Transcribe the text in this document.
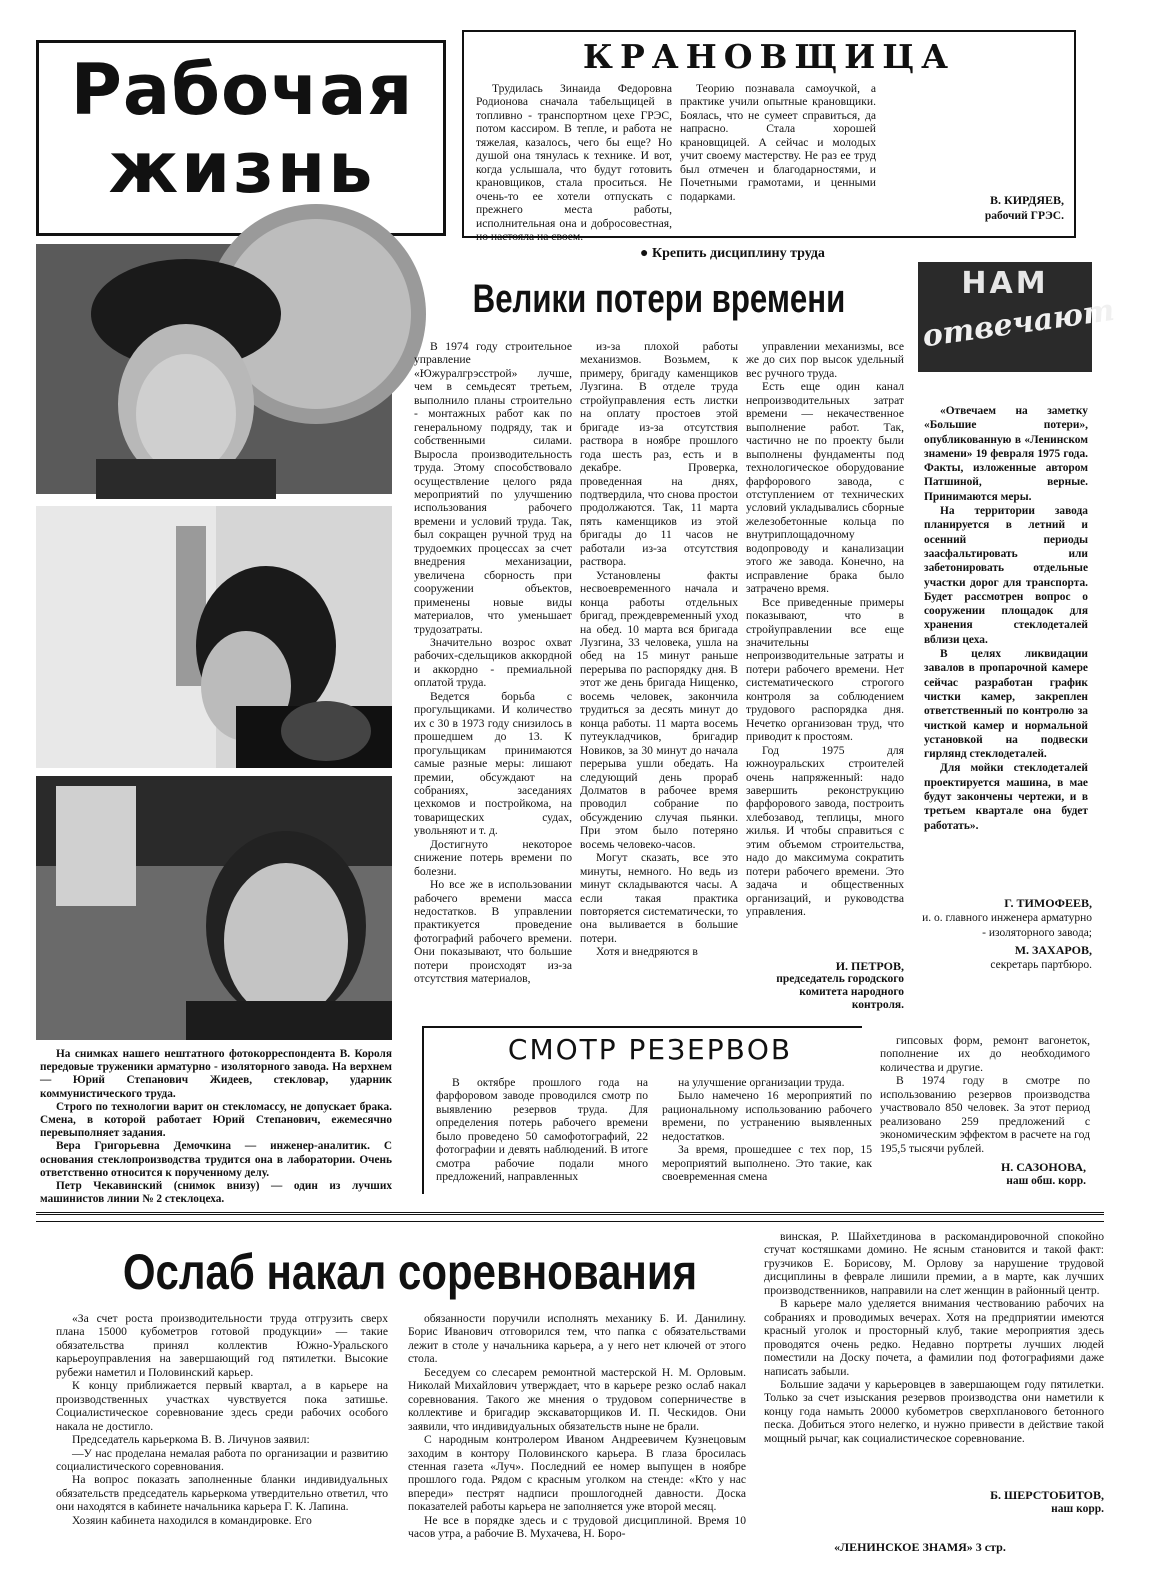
Рабочая
жизнь
КРАНОВЩИЦА

Трудилась Зинаида Федоровна Родионова сначала табельщицей в топливно - транспортном цехе ГРЭС, потом кассиром. В тепле, и работа не тяжелая, казалось, чего бы еще? Но душой она тянулась к технике. И вот, когда услышала, что будут готовить крановщиков, стала проситься. Не очень-то ее хотели отпускать с прежнего места работы, исполнительная она и добросовестная, но настояла на своем.

Теорию познавала самоучкой, а практике учили опытные крановщики. Боялась, что не сумеет справиться, да напрасно. Стала хорошей крановщицей. А сейчас и молодых учит своему мастерству. Не раз ее труд был отмечен и благодарностями, и Почетными грамотами, и ценными подарками.	В. КИРДЯЕВ,
рабочий ГРЭС.

На снимках нашего нештатного фотокорреспондента В. Короля передовые труженики арматурно - изоляторного завода. На верхнем — Юрий Степанович Жидеев, стекловар, ударник коммунистического труда.

Строго по технологии варит он стекломассу, не допускает брака. Смена, в которой работает Юрий Степанович, ежемесячно перевыполняет задания.

Вера Григорьевна Демочкина — инженер-аналитик. С основания стеклопроизводства трудится она в лаборатории. Очень ответственно относится к порученному делу.

Петр Чекавинский (снимок внизу) — один из лучших машинистов линии № 2 стеклоцеха.

● Крепить дисциплину труда
Велики потери времени

В 1974 году строительное управление «Южуралгрэсстрой» лучше, чем в семьдесят третьем, выполнило планы строительно - монтажных работ как по генеральному подряду, так и собственными силами. Выросла производительность труда. Этому способствовало осуществление целого ряда мероприятий по улучшению использования рабочего времени и условий труда. Так, был сокращен ручной труд на трудоемких процессах за счет внедрения механизации, увеличена сборность при сооружении объектов, применены новые виды материалов, что уменьшает трудозатраты.

Значительно возрос охват рабочих-сдельщиков аккордной и аккордно - премиальной оплатой труда.

Ведется борьба с прогульщиками. И количество их с 30 в 1973 году снизилось в прошедшем до 13. К прогульщикам принимаются самые разные меры: лишают премии, обсуждают на собраниях, заседаниях цехкомов и постройкома, на товарищеских судах, увольняют и т. д.

Достигнуто некоторое снижение потерь времени по болезни.

Но все же в использовании рабочего времени масса недостатков. В управлении практикуется проведение фотографий рабочего времени. Они показывают, что большие потери происходят из-за отсутствия материалов,

из-за плохой работы механизмов. Возьмем, к примеру, бригаду каменщиков Лузгина. В отделе труда стройуправления есть листки на оплату простоев этой бригаде из-за отсутствия раствора в ноябре прошлого года шесть раз, есть и в декабре. Проверка, проведенная на днях, подтвердила, что снова простои продолжаются. Так, 11 марта пять каменщиков из этой бригады до 11 часов не работали из-за отсутствия раствора.

Установлены факты несвоевременного начала и конца работы отдельных бригад, преждевременный уход на обед. 10 марта вся бригада Лузгина, 33 человека, ушла на обед на 15 минут раньше перерыва по распорядку дня. В этот же день бригада Нищенко, восемь человек, закончила трудиться за десять минут до конца работы. 11 марта восемь путеукладчиков, бригадир Новиков, за 30 минут до начала перерыва ушли обедать. На следующий день прораб Долматов в рабочее время проводил собрание по обсуждению случая пьянки. При этом было потеряно восемь человеко-часов.

Могут сказать, все это минуты, немного. Но ведь из минут складываются часы. А если такая практика повторяется систематически, то она выливается в большие потери.

Хотя и внедряются в

управлении механизмы, все же до сих пор высок удельный вес ручного труда.

Есть еще один канал непроизводительных затрат времени — некачественное выполнение работ. Так, частично не по проекту были выполнены фундаменты под технологическое оборудование фарфорового завода, с отступлением от технических условий укладывались сборные железобетонные кольца по внутриплощадочному водопроводу и канализации этого же завода. Конечно, на исправление брака было затрачено время.

Все приведенные примеры показывают, что в стройуправлении все еще значительны непроизводительные затраты и потери рабочего времени. Нет систематического строгого контроля за соблюдением трудового распорядка дня. Нечетко организован труд, что приводит к простоям.

Год 1975 для южноуральских строителей очень напряженный: надо завершить реконструкцию фарфорового завода, построить хлебозавод, теплицы, много жилья. И чтобы справиться с этим объемом строительства, надо до максимума сократить потери рабочего времени. Это задача и общественных организаций, и руководства управления.

И. ПЕТРОВ,
председатель городского комитета народного контроля.
НАМ
отвечают

«Отвечаем на заметку «Большие потери», опубликованную в «Ленинском знамени» 19 февраля 1975 года. Факты, изложенные автором Патшиной, верные. Принимаются меры.

На территории завода планируется в летний и осенний периоды заасфальтировать или забетонировать отдельные участки дорог для транспорта. Будет рассмотрен вопрос о сооружении площадок для хранения стеклодеталей вблизи цеха.

В целях ликвидации завалов в пропарочной камере сейчас разработан график чистки камер, закреплен ответственный по контролю за чисткой камер и нормальной установкой на подвески гирлянд стеклодеталей.

Для мойки стеклодеталей проектируется машина, в мае будут закончены чертежи, и в третьем квартале она будет работать».

Г. ТИМОФЕЕВ,
и. о. главного инженера арматурно - изоляторного завода;
М. ЗАХАРОВ,
секретарь партбюро.
СМОТР РЕЗЕРВОВ

В октябре прошлого года на фарфоровом заводе проводился смотр по выявлению резервов труда. Для определения потерь рабочего времени было проведено 50 самофотографий, 22 фотографии и девять наблюдений. В итоге смотра рабочие подали много предложений, направленных

на улучшение организации труда.

Было намечено 16 мероприятий по рациональному использованию рабочего времени, по устранению выявленных недостатков.

За время, прошедшее с тех пор, 15 мероприятий выполнено. Это такие, как своевременная смена

гипсовых форм, ремонт вагонеток, пополнение их до необходимого количества и другие.

В 1974 году в смотре по использованию резервов производства участвовало 850 человек. За этот период реализовано 259 предложений с экономическим эффектом в расчете на год 195,5 тысячи рублей.

Н. САЗОНОВА,
наш обш. корр.
Ослаб накал соревнования

«За счет роста производительности труда отгрузить сверх плана 15000 кубометров готовой продукции» — такие обязательства принял коллектив Южно-Уральского карьероуправления на завершающий год пятилетки. Высокие рубежи наметил и Половинский карьер.

К концу приближается первый квартал, а в карьере на производственных участках чувствуется пока затишье. Социалистическое соревнование здесь среди рабочих особого накала не достигло.

Председатель карьеркома В. В. Личунов заявил:

—У нас проделана немалая работа по организации и развитию социалистического соревнования.

На вопрос показать заполненные бланки индивидуальных обязательств председатель карьеркома утвердительно ответил, что они находятся в кабинете начальника карьера Г. К. Лапина.

Хозяин кабинета находился в командировке. Его

обязанности поручили исполнять механику Б. И. Данилину. Борис Иванович отговорился тем, что папка с обязательствами лежит в столе у начальника карьера, а у него нет ключей от этого стола.

Беседуем со слесарем ремонтной мастерской Н. М. Орловым. Николай Михайлович утверждает, что в карьере резко ослаб накал соревнования. Такого же мнения о трудовом соперничестве в коллективе и бригадир экскаваторщиков И. П. Ческидов. Они заявили, что индивидуальных обязательств ныне не брали.

С народным контролером Иваном Андреевичем Кузнецовым заходим в контору Половинского карьера. В глаза бросилась стенная газета «Луч». Последний ее номер выпущен в ноябре прошлого года. Рядом с красным уголком на стенде: «Кто у нас впереди» пестрят надписи прошлогодней давности. Доска показателей работы карьера не заполняется уже второй месяц.

Не все в порядке здесь и с трудовой дисциплиной. Время 10 часов утра, а рабочие В. Мухачева, Н. Боро-

винская, Р. Шайхетдинова в раскомандировочной спокойно стучат костяшками домино. Не ясным становится и такой факт: грузчиков Е. Борисову, М. Орлову за нарушение трудовой дисциплины в феврале лишили премии, а в марте, как лучших производственников, направили на слет женщин в районный центр.

В карьере мало уделяется внимания чествованию рабочих на собраниях и проводимых вечерах. Хотя на предприятии имеются красный уголок и просторный клуб, такие мероприятия здесь проводятся очень редко. Недавно портреты лучших людей поместили на Доску почета, а фамилии под фотографиями даже написать забыли.

Большие задачи у карьеровцев в завершающем году пятилетки. Только за счет изыскания резервов производства они наметили к концу года намыть 20000 кубометров сверхпланового бетонного песка. Добиться этого нелегко, и нужно привести в действие такой мощный рычаг, как социалистическое соревнование.

Б. ШЕРСТОБИТОВ,
наш корр.
«ЛЕНИНСКОЕ ЗНАМЯ» 3 стр.
